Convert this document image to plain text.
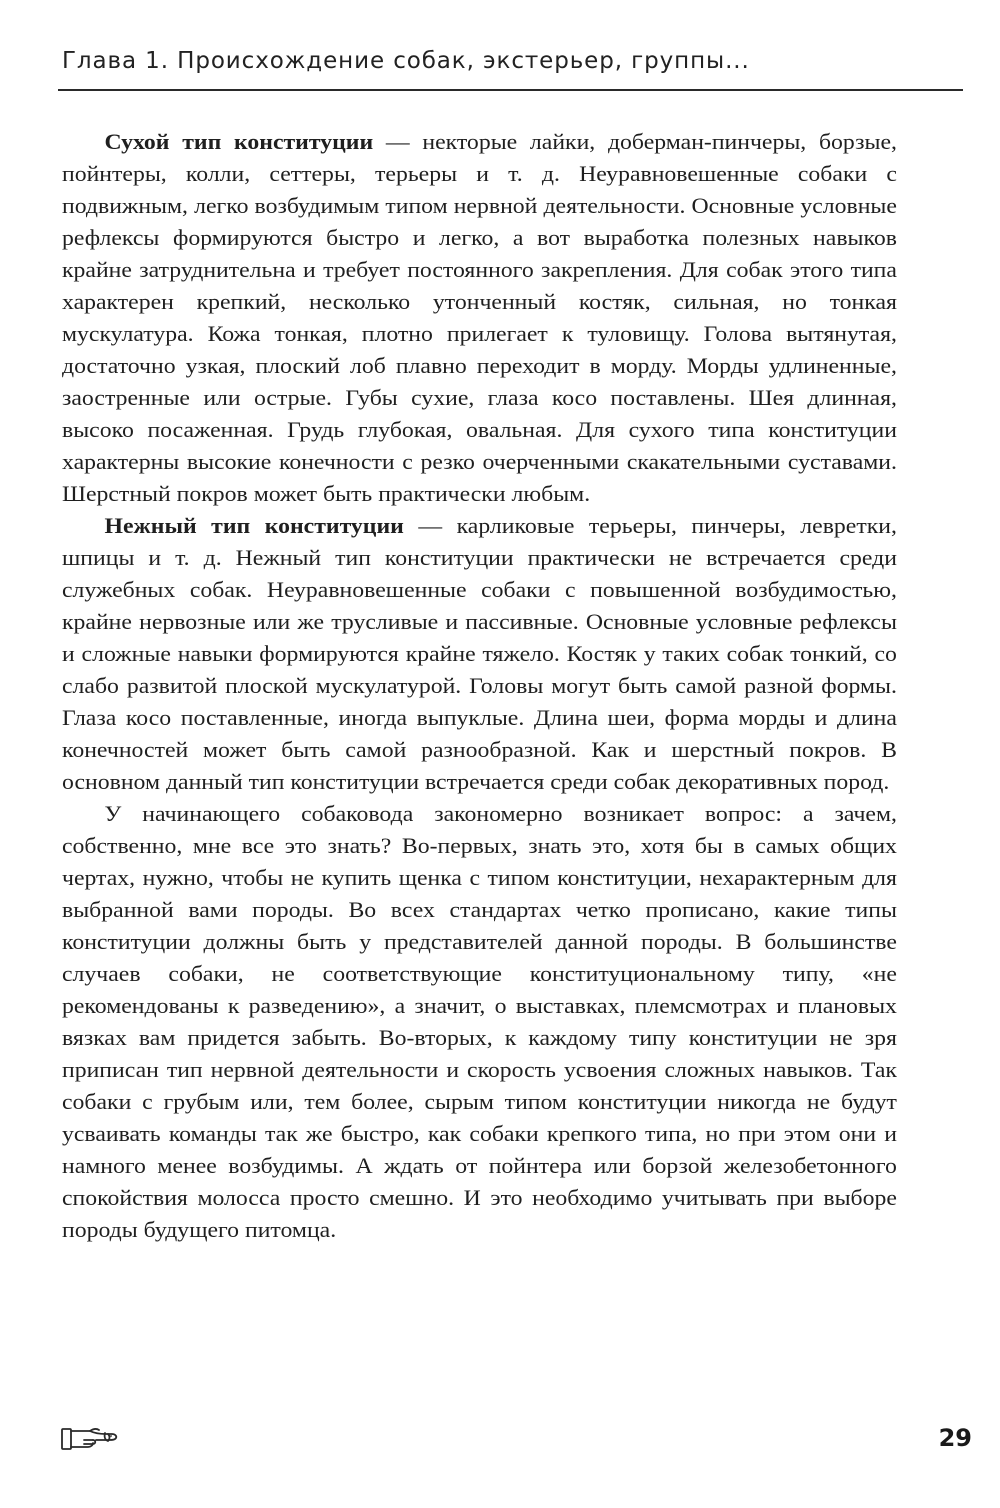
Глава 1. Происхождение собак, экстерьер, группы...

Сухой тип конституции — некторые лайки, доберман-пинчеры, борзые, пойнтеры, колли, сеттеры, терьеры и т. д. Неуравновешенные собаки с подвижным, легко возбудимым типом нервной деятельности. Основные условные рефлексы формируются быстро и легко, а вот выработка полезных навыков крайне затруднительна и требует постоянного закрепления. Для собак этого типа характерен крепкий, несколько утонченный костяк, сильная, но тонкая мускулатура. Кожа тонкая, плотно прилегает к туловищу. Голова вытянутая, достаточно узкая, плоский лоб плавно переходит в морду. Морды удлиненные, заостренные или острые. Губы сухие, глаза косо поставлены. Шея длинная, высоко посаженная. Грудь глубокая, овальная. Для сухого типа конституции характерны высокие конечности с резко очерченными скакательными суставами. Шерстный покров может быть практически любым.

Нежный тип конституции — карликовые терьеры, пинчеры, левретки, шпицы и т. д. Нежный тип конституции практически не встречается среди служебных собак. Неуравновешенные собаки с повышенной возбудимостью, крайне нервозные или же трусливые и пассивные. Основные условные рефлексы и сложные навыки формируются крайне тяжело. Костяк у таких собак тонкий, со слабо развитой плоской мускулатурой. Головы могут быть самой разной формы. Глаза косо поставленные, иногда выпуклые. Длина шеи, форма морды и длина конечностей может быть самой разнообразной. Как и шерстный покров. В основном данный тип конституции встречается среди собак декоративных пород.

У начинающего собаковода закономерно возникает вопрос: а зачем, собственно, мне все это знать? Во-первых, знать это, хотя бы в самых общих чертах, нужно, чтобы не купить щенка с типом конституции, нехарактерным для выбранной вами породы. Во всех стандартах четко прописано, какие типы конституции должны быть у представителей данной породы. В большинстве случаев собаки, не соответствующие конституциональному типу, «не рекомендованы к разведению», а значит, о выставках, племсмотрах и плановых вязках вам придется забыть. Во-вторых, к каждому типу конституции не зря приписан тип нервной деятельности и скорость усвоения сложных навыков. Так собаки с грубым или, тем более, сырым типом конституции никогда не будут усваивать команды так же быстро, как собаки крепкого типа, но при этом они и намного менее возбудимы. А ждать от пойнтера или борзой железобетонного спокойствия молосса просто смешно. И это необходимо учитывать при выборе породы будущего питомца.

29
